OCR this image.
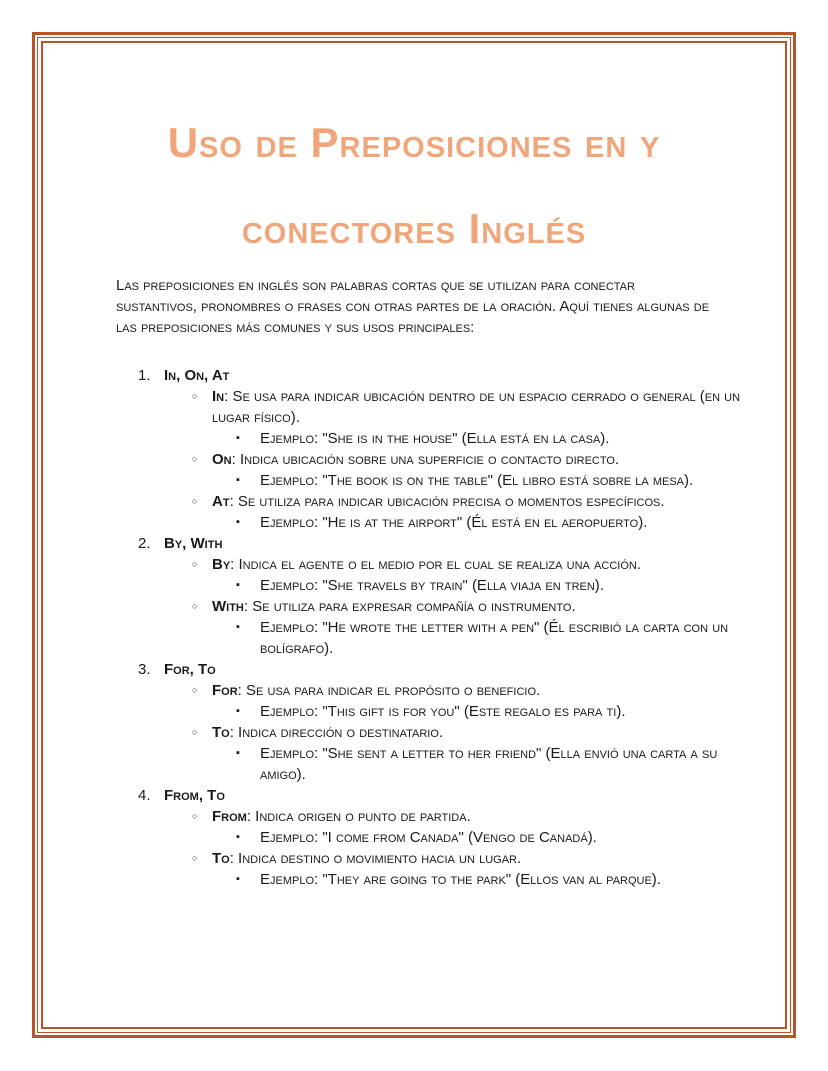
Uso de Preposiciones en y
conectores Inglés

Las preposiciones en inglés son palabras cortas que se utilizan para conectar sustantivos, pronombres o frases con otras partes de la oración. Aquí tienes algunas de las preposiciones más comunes y sus usos principales:

1. In, On, At
○ In: Se usa para indicar ubicación dentro de un espacio cerrado o general (en un lugar físico).
▪ Ejemplo: "She is in the house" (Ella está en la casa).
○ On: Indica ubicación sobre una superficie o contacto directo.
▪ Ejemplo: "The book is on the table" (El libro está sobre la mesa).
○ At: Se utiliza para indicar ubicación precisa o momentos específicos.
▪ Ejemplo: "He is at the airport" (Él está en el aeropuerto).
2. By, With
○ By: Indica el agente o el medio por el cual se realiza una acción.
▪ Ejemplo: "She travels by train" (Ella viaja en tren).
○ With: Se utiliza para expresar compañía o instrumento.
▪ Ejemplo: "He wrote the letter with a pen" (Él escribió la carta con un bolígrafo).
3. For, To
○ For: Se usa para indicar el propósito o beneficio.
▪ Ejemplo: "This gift is for you" (Este regalo es para ti).
○ To: Indica dirección o destinatario.
▪ Ejemplo: "She sent a letter to her friend" (Ella envió una carta a su amigo).
4. From, To
○ From: Indica origen o punto de partida.
▪ Ejemplo: "I come from Canada" (Vengo de Canadá).
○ To: Indica destino o movimiento hacia un lugar.
▪ Ejemplo: "They are going to the park" (Ellos van al parque).
